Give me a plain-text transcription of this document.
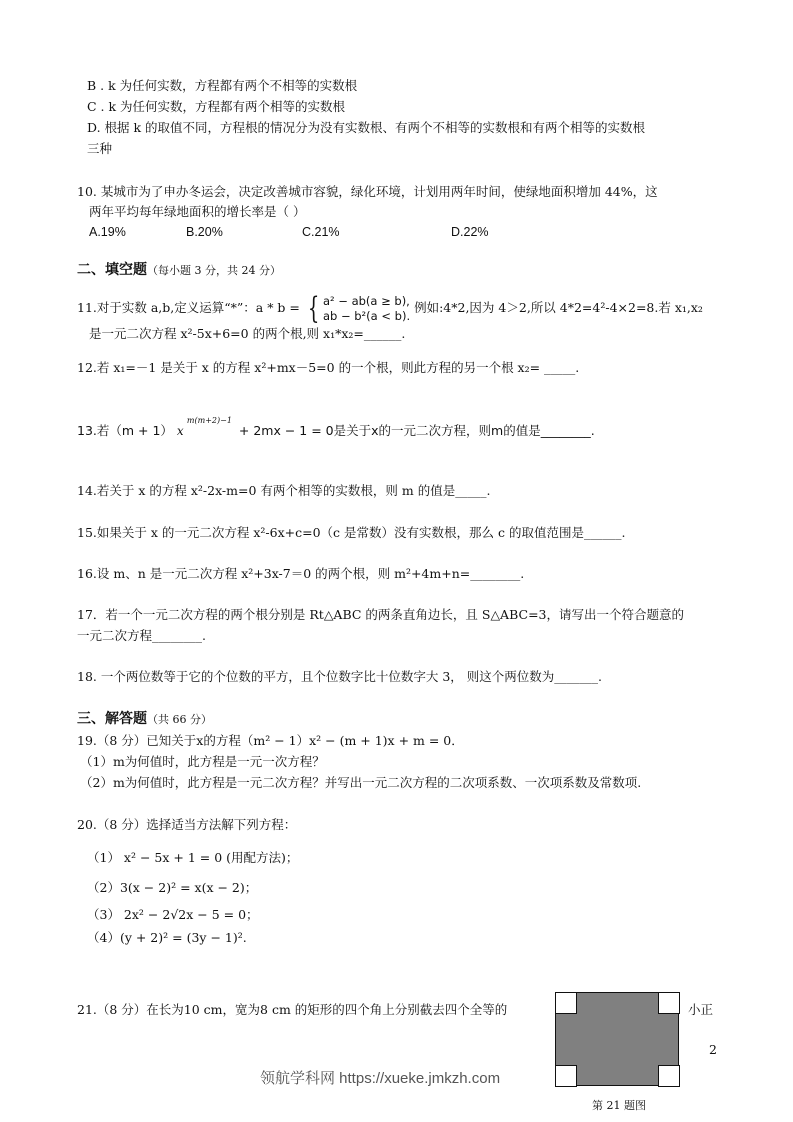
B . k 为任何实数，方程都有两个不相等的实数根
C . k 为任何实数，方程都有两个相等的实数根
D. 根据 k 的取值不同，方程根的情况分为没有实数根、有两个不相等的实数根和有两个相等的实数根
三种
10. 某城市为了申办冬运会，决定改善城市容貌，绿化环境，计划用两年时间，使绿地面积增加 44%，这
两年平均每年绿地面积的增长率是（ ）
A.19%	B.20%	C.21%	D.22%
二、填空题（每小题 3 分，共 24 分）
11.对于实数 a,b,定义运算“*”：a * b = { a² − ab(a ≥ b),
ab − b²(a < b). 例如:4*2,因为 4＞2,所以 4*2=4²-4×2=8.若 x₁,x₂
是一元二次方程 x²-5x+6=0 的两个根,则 x₁*x₂=______.
12.若 x₁=－1 是关于 x 的方程 x²+mx－5=0 的一个根，则此方程的另一个根 x₂= _____.
13.若（m + 1） x
m(m+2)−1
+ 2mx − 1 = 0是关于x的一元二次方程，则m的值是________.
14.若关于 x 的方程 x²-2x-m=0 有两个相等的实数根，则 m 的值是_____.
15.如果关于 x 的一元二次方程 x²-6x+c=0（c 是常数）没有实数根，那么 c 的取值范围是______.
16.设 m、n 是一元二次方程 x²+3x-7＝0 的两个根，则 m²+4m+n=________.
17．若一个一元二次方程的两个根分别是 Rt△ABC 的两条直角边长，且 S△ABC=3，请写出一个符合题意的
一元二次方程________.
18. 一个两位数等于它的个位数的平方，且个位数字比十位数字大 3， 则这个两位数为_______.
三、解答题（共 66 分）
19.（8 分）已知关于x的方程（m² − 1）x² − (m + 1)x + m = 0．
（1）m为何值时，此方程是一元一次方程？
（2）m为何值时，此方程是一元二次方程？并写出一元二次方程的二次项系数、一次项系数及常数项.
20.（8 分）选择适当方法解下列方程：
（1） x² − 5x + 1 = 0 (用配方法)；
（2）3(x − 2)² = x(x − 2)；
（3） 2x² − 2√2x − 5 = 0；
（4）(y + 2)² = (3y − 1)².
21.（8 分）在长为10 cm，宽为8 cm 的矩形的四个角上分别截去四个全等的	小正
第 21 题图
2
领航学科网 https://xueke.jmkzh.com
